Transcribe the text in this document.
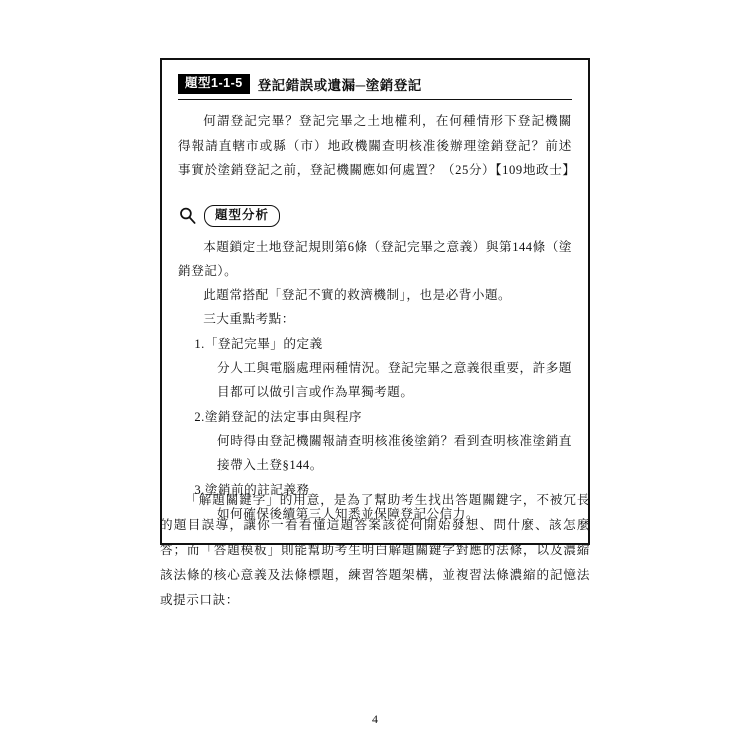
題型1-1-5	登記錯誤或遺漏─塗銷登記
何謂登記完畢？登記完畢之土地權利，在何種情形下登記機關得報請直轄市或縣（市）地政機關查明核准後辦理塗銷登記？前述事實於塗銷登記之前，登記機關應如何處置？（25分）【109地政士】
題型分析

本題鎖定土地登記規則第6條（登記完畢之意義）與第144條（塗銷登記）。

此題常搭配「登記不實的救濟機制」，也是必背小題。

三大重點考點：

1.「登記完畢」的定義
分人工與電腦處理兩種情況。登記完畢之意義很重要，許多題目都可以做引言或作為單獨考題。
2.塗銷登記的法定事由與程序
何時得由登記機關報請查明核准後塗銷？看到查明核准塗銷直接帶入土登§144。
3.塗銷前的註記義務
如何確保後續第三人知悉並保障登記公信力。
「解題關鍵字」的用意，是為了幫助考生找出答題關鍵字，不被冗長的題目誤導，讓你一看看懂這題答案該從何開始發想、問什麼、該怎麼答；而「答題模板」則能幫助考生明白解題關鍵字對應的法條，以及濃縮該法條的核心意義及法條標題，練習答題架構，並複習法條濃縮的記憶法或提示口訣：
4
